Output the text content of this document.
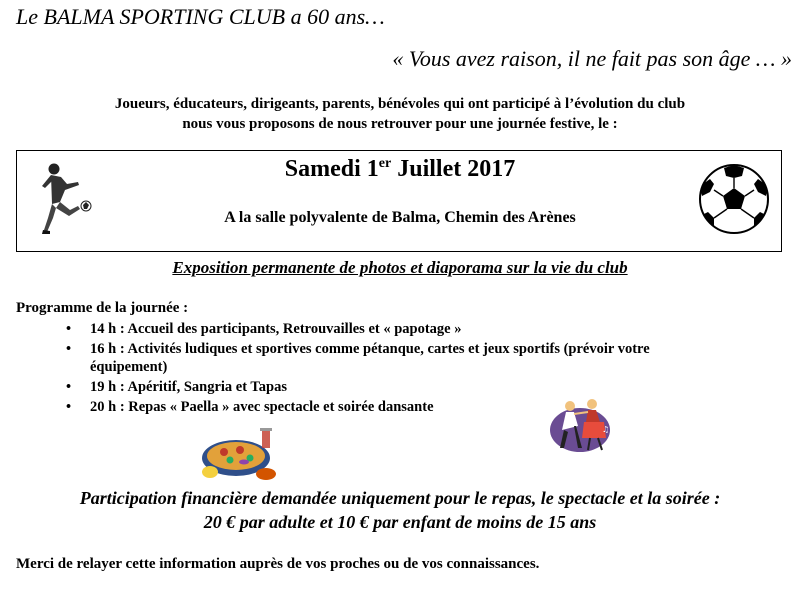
Le BALMA SPORTING CLUB a 60 ans…
« Vous avez raison, il ne fait pas son âge … »
Joueurs, éducateurs, dirigeants, parents, bénévoles qui ont participé à l’évolution du club
nous vous proposons de nous retrouver pour une journée festive, le :
Samedi 1er Juillet 2017
A la salle polyvalente de Balma, Chemin des Arènes
Exposition permanente de photos et diaporama sur la vie du club
Programme de la journée :
• 14 h : Accueil des participants, Retrouvailles et « papotage »
• 16 h : Activités ludiques et sportives comme pétanque, cartes et jeux sportifs (prévoir votre équipement)
• 19 h : Apéritif, Sangria et Tapas
• 20 h : Repas « Paella » avec spectacle et soirée dansante	♪
♫
Participation financière demandée uniquement pour le repas, le spectacle et la soirée :
20 € par adulte et 10 € par enfant de moins de 15 ans
Merci de relayer cette information auprès de vos proches ou de vos connaissances.
